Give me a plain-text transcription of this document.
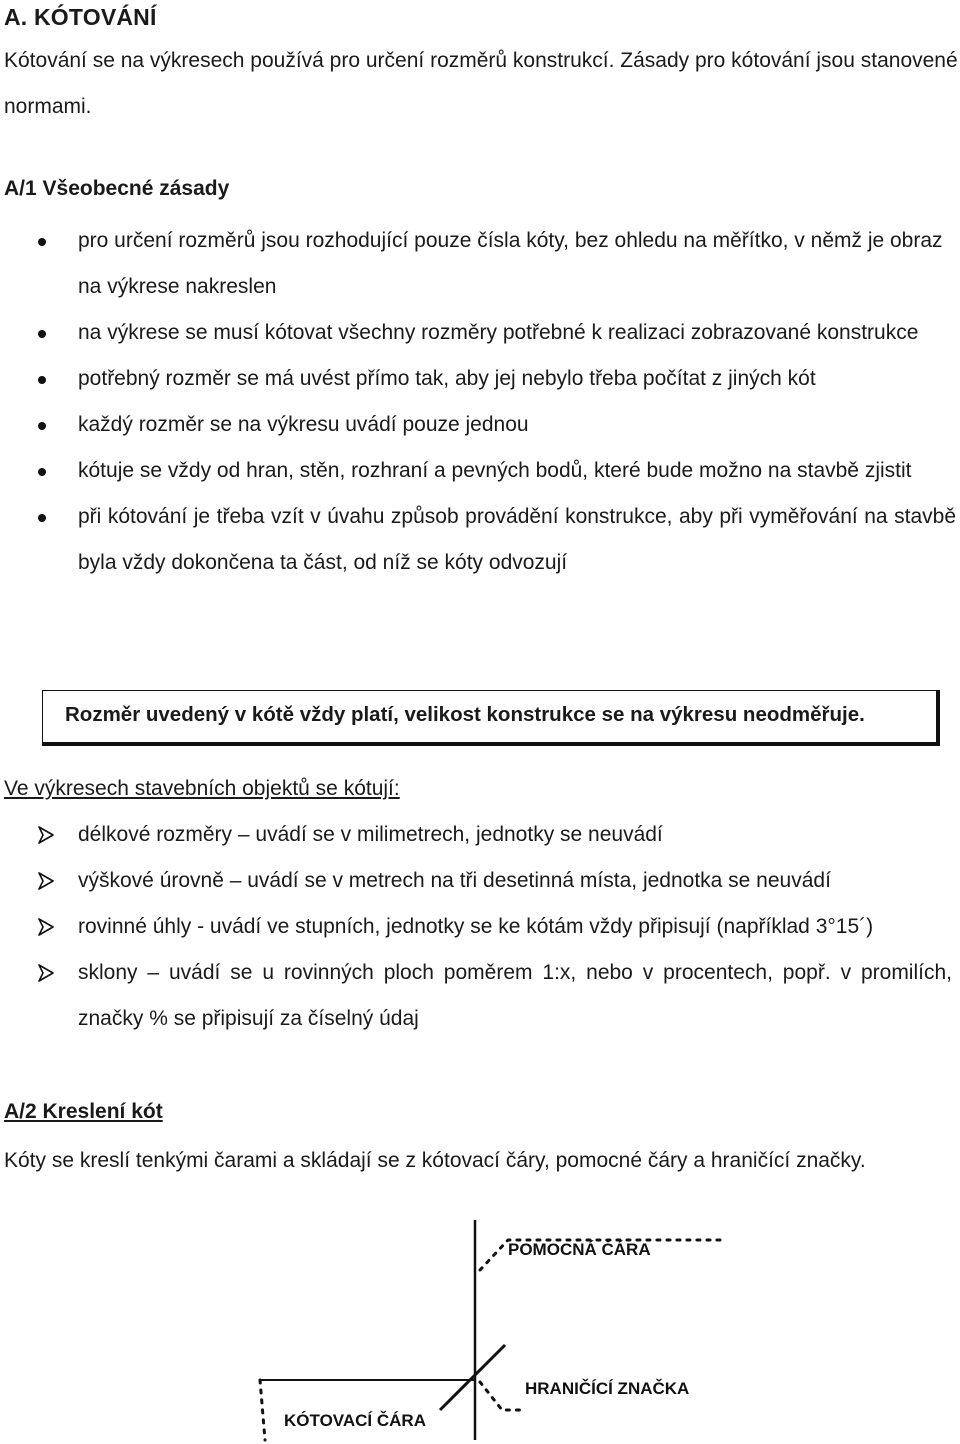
A. KÓTOVÁNÍ

Kótování se na výkresech používá pro určení rozměrů konstrukcí. Zásady pro kótování jsou stanovené normami.

A/1 Všeobecné zásady
pro určení rozměrů jsou rozhodující pouze čísla kóty, bez ohledu na měřítko, v němž je obraz na výkrese nakreslen
na výkrese se musí kótovat všechny rozměry potřebné k realizaci zobrazované konstrukce
potřebný rozměr se má uvést přímo tak, aby jej nebylo třeba počítat z jiných kót
každý rozměr se na výkresu uvádí pouze jednou
kótuje se vždy od hran, stěn, rozhraní a pevných bodů, které bude možno na stavbě zjistit
při kótování je třeba vzít v úvahu způsob provádění konstrukce, aby při vyměřování na stavbě byla vždy dokončena ta část, od níž se kóty odvozují
Rozměr uvedený v kótě vždy platí, velikost konstrukce se na výkresu neodměřuje.

Ve výkresech stavebních objektů se kótují:

délkové rozměry – uvádí se v milimetrech, jednotky se neuvádí
výškové úrovně – uvádí se v metrech na tři desetinná místa, jednotka se neuvádí
rovinné úhly - uvádí ve stupních, jednotky se ke kótám vždy připisují (například 3°15´)
sklony – uvádí se u rovinných ploch poměrem 1:x, nebo v procentech, popř. v promilích, značky % se připisují za číselný údaj
A/2 Kreslení kót

Kóty se kreslí tenkými čarami a skládají se z kótovací čáry, pomocné čáry a hraničící značky.

POMOCNÁ ČÁRA
HRANIČÍCÍ ZNAČKA
KÓTOVACÍ ČÁRA
